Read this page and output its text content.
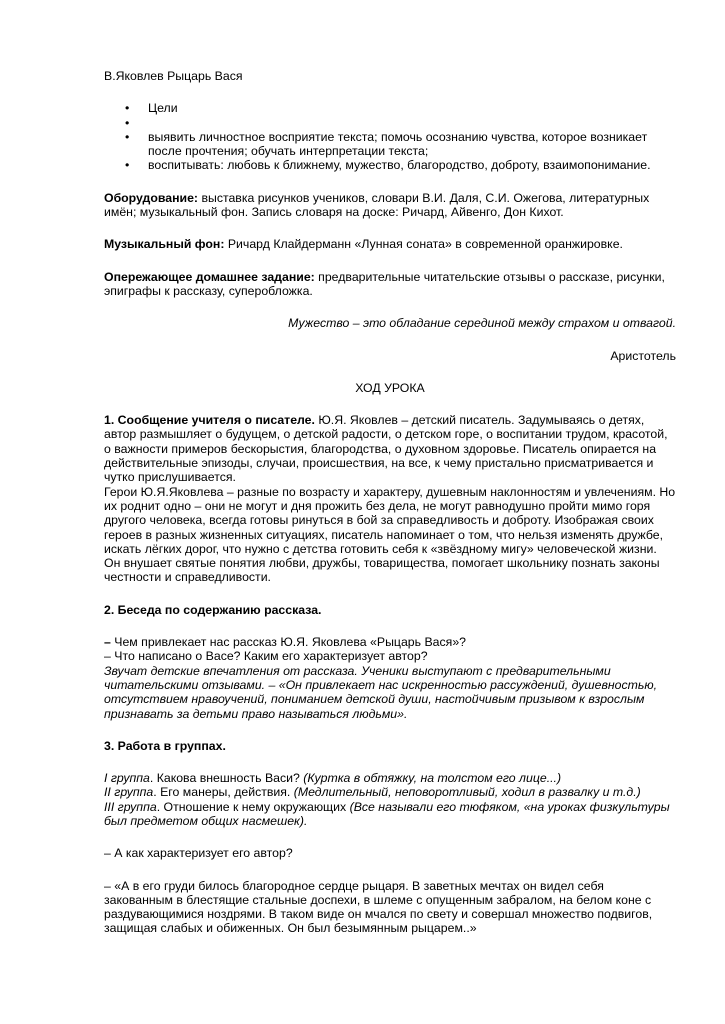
В.Яковлев Рыцарь Вася

• Цели
•
• выявить личностное восприятие текста; помочь осознанию чувства, которое возникает после прочтения; обучать интерпретации текста;
• воспитывать: любовь к ближнему, мужество, благородство, доброту, взаимопонимание.

Оборудование: выставка рисунков учеников, словари В.И. Даля, С.И. Ожегова, литературных имён; музыкальный фон. Запись словаря на доске: Ричард, Айвенго, Дон Кихот.

Музыкальный фон: Ричард Клайдерманн «Лунная соната» в современной оранжировке.

Опережающее домашнее задание: предварительные читательские отзывы о рассказе, рисунки, эпиграфы к рассказу, суперобложка.

Мужество – это обладание серединой между страхом и отвагой.

Аристотель

ХОД УРОКА

1. Сообщение учителя о писателе. Ю.Я. Яковлев – детский писатель. Задумываясь о детях, автор размышляет о будущем, о детской радости, о детском горе, о воспитании трудом, красотой, о важности примеров бескорыстия, благородства, о духовном здоровье. Писатель опирается на действительные эпизоды, случаи, происшествия, на все, к чему пристально присматривается и чутко прислушивается.

Герои Ю.Я.Яковлева – разные по возрасту и характеру, душевным наклонностям и увлечениям. Но их роднит одно – они не могут и дня прожить без дела, не могут равнодушно пройти мимо горя другого человека, всегда готовы ринуться в бой за справедливость и доброту. Изображая своих героев в разных жизненных ситуациях, писатель напоминает о том, что нельзя изменять дружбе, искать лёгких дорог, что нужно с детства готовить себя к «звёздному мигу» человеческой жизни. Он внушает святые понятия любви, дружбы, товарищества, помогает школьнику познать законы честности и справедливости.

2. Беседа по содержанию рассказа.

– Чем привлекает нас рассказ Ю.Я. Яковлева «Рыцарь Вася»?

– Что написано о Васе? Каким его характеризует автор?

Звучат детские впечатления от рассказа. Ученики выступают с предварительными читательскими отзывами. – «Он привлекает нас искренностью рассуждений, душевностью, отсутствием нравоучений, пониманием детской души, настойчивым призывом к взрослым признавать за детьми право называться людьми».

3. Работа в группах.

I группа. Какова внешность Васи? (Куртка в обтяжку, на толстом его лице...)

II группа. Его манеры, действия. (Медлительный, неповоротливый, ходил в развалку и т.д.)

III группа. Отношение к нему окружающих (Все называли его тюфяком, «на уроках физкультуры был предметом общих насмешек).

– А как характеризует его автор?

– «А в его груди билось благородное сердце рыцаря. В заветных мечтах он видел себя закованным в блестящие стальные доспехи, в шлеме с опущенным забралом, на белом коне с раздувающимися ноздрями. В таком виде он мчался по свету и совершал множество подвигов, защищая слабых и обиженных. Он был безымянным рыцарем..»
